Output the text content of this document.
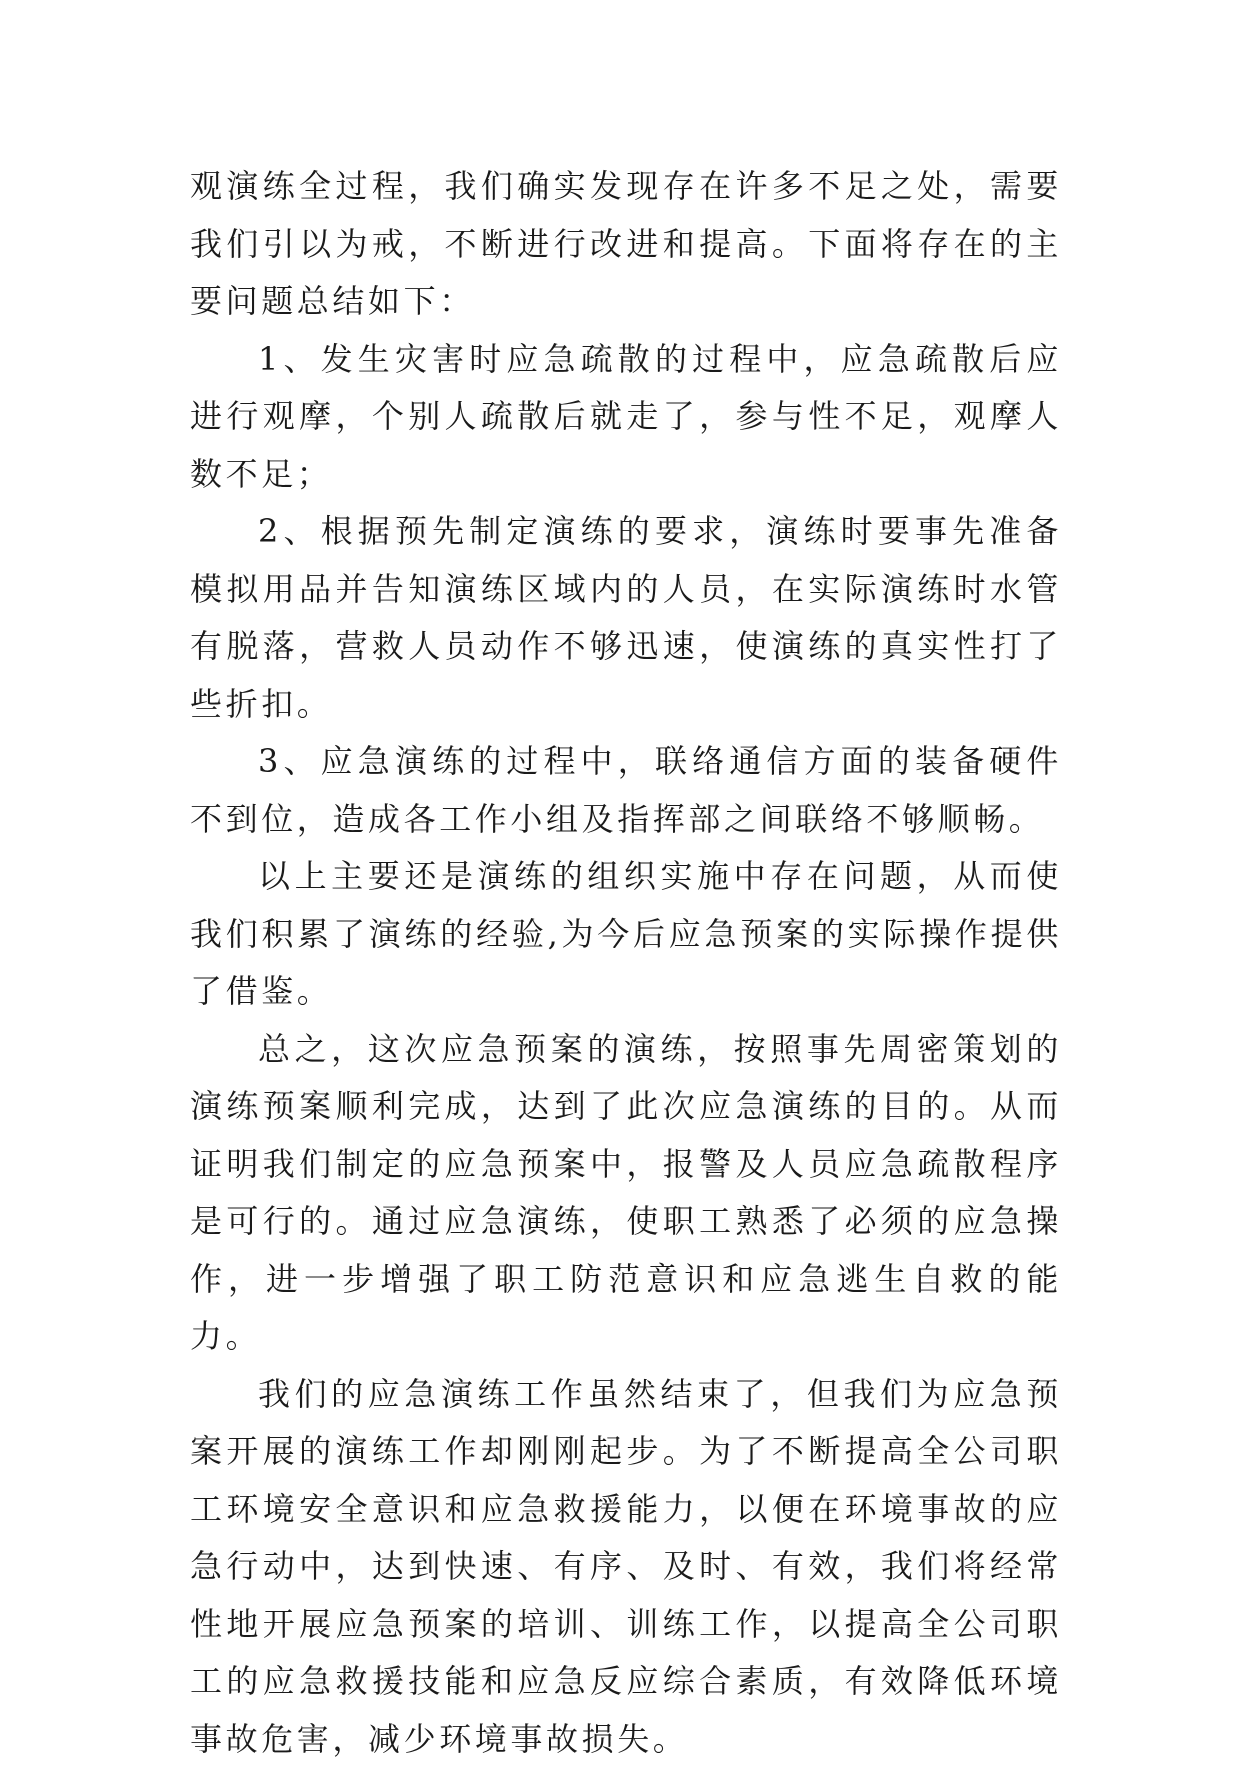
观演练全过程，我们确实发现存在许多不足之处，需要我们引以为戒，不断进行改进和提高。下面将存在的主要问题总结如下：

1、发生灾害时应急疏散的过程中，应急疏散后应进行观摩，个别人疏散后就走了，参与性不足，观摩人数不足；

2、根据预先制定演练的要求，演练时要事先准备模拟用品并告知演练区域内的人员，在实际演练时水管有脱落，营救人员动作不够迅速，使演练的真实性打了些折扣。

3、应急演练的过程中，联络通信方面的装备硬件不到位，造成各工作小组及指挥部之间联络不够顺畅。

以上主要还是演练的组织实施中存在问题，从而使我们积累了演练的经验,为今后应急预案的实际操作提供了借鉴。

总之，这次应急预案的演练，按照事先周密策划的演练预案顺利完成，达到了此次应急演练的目的。从而证明我们制定的应急预案中，报警及人员应急疏散程序是可行的。通过应急演练，使职工熟悉了必须的应急操作，进一步增强了职工防范意识和应急逃生自救的能力。

我们的应急演练工作虽然结束了，但我们为应急预案开展的演练工作却刚刚起步。为了不断提高全公司职工环境安全意识和应急救援能力，以便在环境事故的应急行动中，达到快速、有序、及时、有效，我们将经常性地开展应急预案的培训、训练工作，以提高全公司职工的应急救援技能和应急反应综合素质，有效降低环境事故危害，减少环境事故损失。
